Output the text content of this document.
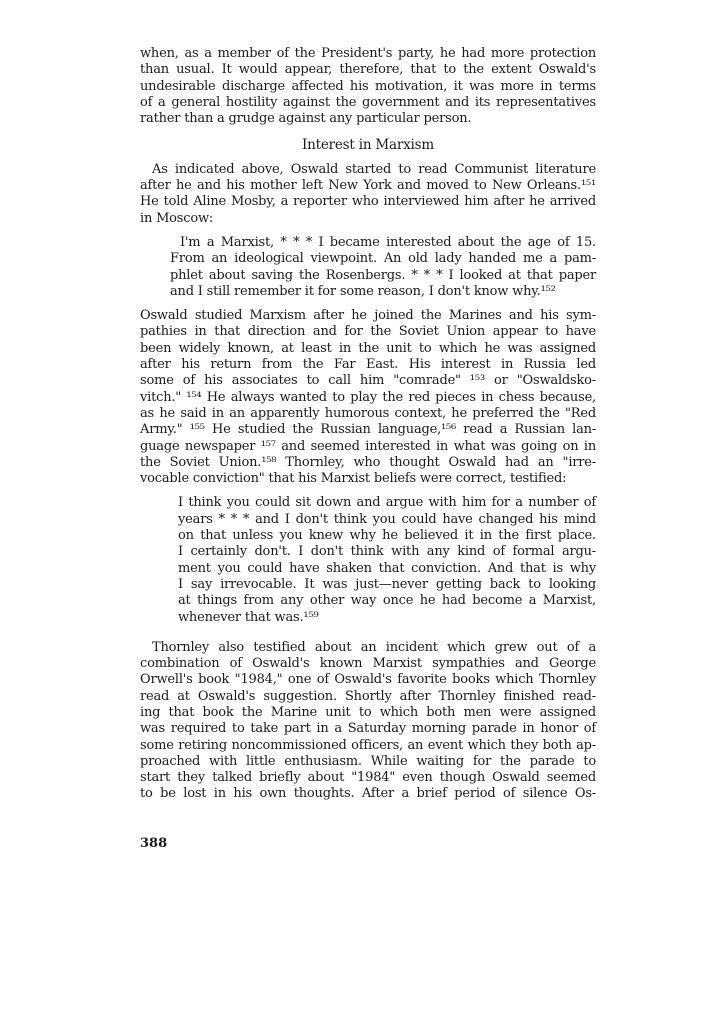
when, as a member of the President's party, he had more protection
than usual. It would appear, therefore, that to the extent Oswald's
undesirable discharge affected his motivation, it was more in terms
of a general hostility against the government and its representatives
rather than a grudge against any particular person.
Interest in Marxism
As indicated above, Oswald started to read Communist literature
after he and his mother left New York and moved to New Orleans.¹⁵¹
He told Aline Mosby, a reporter who interviewed him after he arrived
in Moscow:
I'm a Marxist, * * * I became interested about the age of 15.
From an ideological viewpoint. An old lady handed me a pam-
phlet about saving the Rosenbergs. * * * I looked at that paper
and I still remember it for some reason, I don't know why.¹⁵²
Oswald studied Marxism after he joined the Marines and his sym-
pathies in that direction and for the Soviet Union appear to have
been widely known, at least in the unit to which he was assigned
after his return from the Far East. His interest in Russia led
some of his associates to call him "comrade" ¹⁵³ or "Oswaldsko-
vitch." ¹⁵⁴ He always wanted to play the red pieces in chess because,
as he said in an apparently humorous context, he preferred the "Red
Army." ¹⁵⁵ He studied the Russian language,¹⁵⁶ read a Russian lan-
guage newspaper ¹⁵⁷ and seemed interested in what was going on in
the Soviet Union.¹⁵⁸ Thornley, who thought Oswald had an "irre-
vocable conviction" that his Marxist beliefs were correct, testified:
I think you could sit down and argue with him for a number of
years * * * and I don't think you could have changed his mind
on that unless you knew why he believed it in the first place.
I certainly don't. I don't think with any kind of formal argu-
ment you could have shaken that conviction. And that is why
I say irrevocable. It was just—never getting back to looking
at things from any other way once he had become a Marxist,
whenever that was.¹⁵⁹
Thornley also testified about an incident which grew out of a
combination of Oswald's known Marxist sympathies and George
Orwell's book "1984," one of Oswald's favorite books which Thornley
read at Oswald's suggestion. Shortly after Thornley finished read-
ing that book the Marine unit to which both men were assigned
was required to take part in a Saturday morning parade in honor of
some retiring noncommissioned officers, an event which they both ap-
proached with little enthusiasm. While waiting for the parade to
start they talked briefly about "1984" even though Oswald seemed
to be lost in his own thoughts. After a brief period of silence Os-
388
